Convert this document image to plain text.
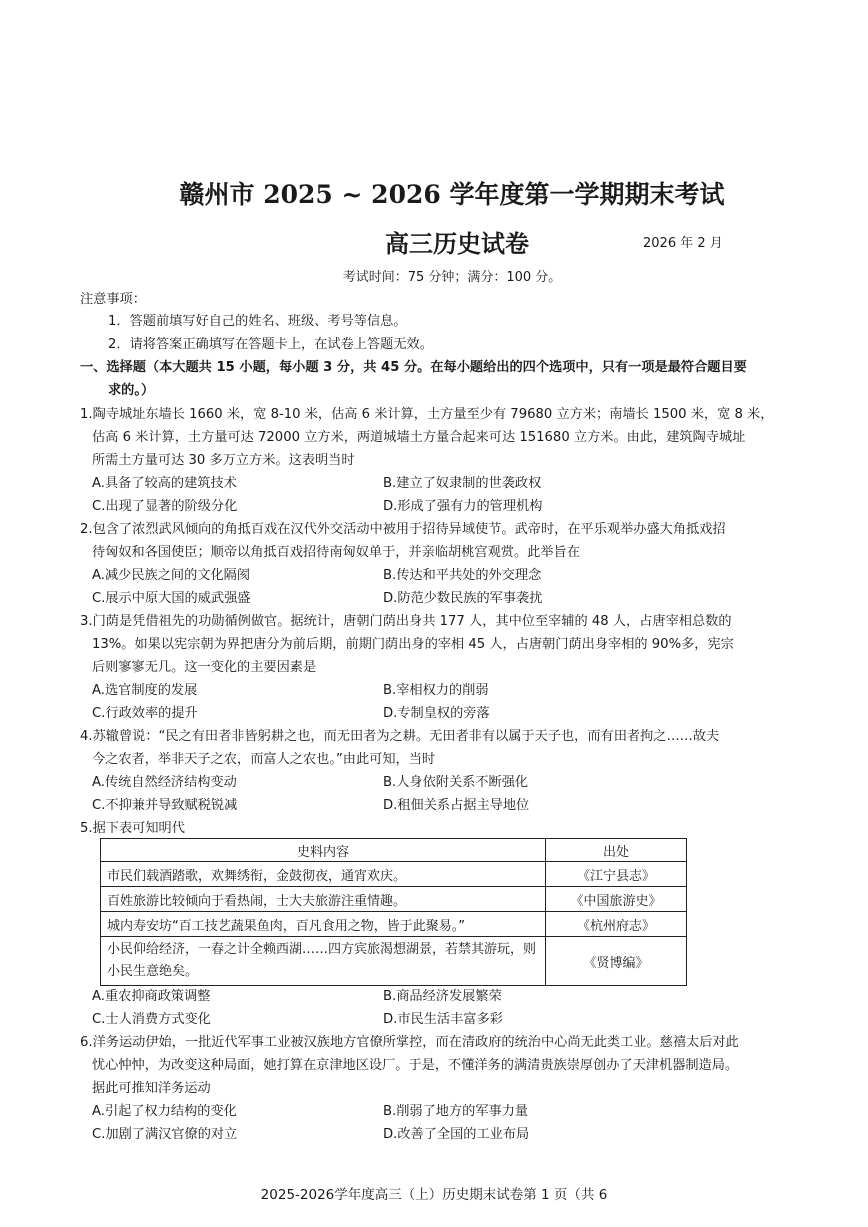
赣州市 2025 ~ 2026 学年度第一学期期末考试
高三历史试卷	2026 年 2 月
考试时间：75 分钟；满分：100 分。
注意事项：
1．答题前填写好自己的姓名、班级、考号等信息。
2．请将答案正确填写在答题卡上，在试卷上答题无效。
一、选择题（本大题共 15 小题，每小题 3 分，共 45 分。在每小题给出的四个选项中，只有一项是最符合题目要
求的。）
1.陶寺城址东墙长 1660 米，宽 8-10 米，估高 6 米计算，土方量至少有 79680 立方米；南墙长 1500 米，宽 8 米，
估高 6 米计算，土方量可达 72000 立方米，两道城墙土方量合起来可达 151680 立方米。由此，建筑陶寺城址
所需土方量可达 30 多万立方米。这表明当时
A.具备了较高的建筑技术	B.建立了奴隶制的世袭政权
C.出现了显著的阶级分化	D.形成了强有力的管理机构
2.包含了浓烈武风倾向的角抵百戏在汉代外交活动中被用于招待异域使节。武帝时，在平乐观举办盛大角抵戏招
待匈奴和各国使臣；顺帝以角抵百戏招待南匈奴单于，并亲临胡桃宫观赏。此举旨在
A.减少民族之间的文化隔阂	B.传达和平共处的外交理念
C.展示中原大国的威武强盛	D.防范少数民族的军事袭扰
3.门荫是凭借祖先的功勋循例做官。据统计，唐朝门荫出身共 177 人，其中位至宰辅的 48 人，占唐宰相总数的
13%。如果以宪宗朝为界把唐分为前后期，前期门荫出身的宰相 45 人，占唐朝门荫出身宰相的 90%多，宪宗
后则寥寥无几。这一变化的主要因素是
A.选官制度的发展	B.宰相权力的削弱
C.行政效率的提升	D.专制皇权的旁落
4.苏辙曾说：“民之有田者非皆躬耕之也，而无田者为之耕。无田者非有以属于天子也，而有田者拘之……故夫
今之农者，举非天子之农，而富人之农也。”由此可知，当时
A.传统自然经济结构变动	B.人身依附关系不断强化
C.不抑兼并导致赋税锐减	D.租佃关系占据主导地位
5.据下表可知明代
史料内容	出处
市民们载酒踏歌，欢舞绣衔，金鼓彻夜，通宵欢庆。	《江宁县志》
百姓旅游比较倾向于看热闹，士大夫旅游注重情趣。	《中国旅游史》
城内寿安坊“百工技艺蔬果鱼肉，百凡食用之物，皆于此聚易。”	《杭州府志》
小民仰给经济，一春之计全赖西湖……四方宾旅渴想湖景，若禁其游玩，则小民生意绝矣。	《贤博编》
A.重农抑商政策调整	B.商品经济发展繁荣
C.士人消费方式变化	D.市民生活丰富多彩
6.洋务运动伊始，一批近代军事工业被汉族地方官僚所掌控，而在清政府的统治中心尚无此类工业。慈禧太后对此
忧心忡忡，为改变这种局面，她打算在京津地区设厂。于是，不懂洋务的满清贵族崇厚创办了天津机器制造局。
据此可推知洋务运动
A.引起了权力结构的变化	B.削弱了地方的军事力量
C.加剧了满汉官僚的对立	D.改善了全国的工业布局
2025-2026学年度高三（上）历史期末试卷第 1 页（共 6
